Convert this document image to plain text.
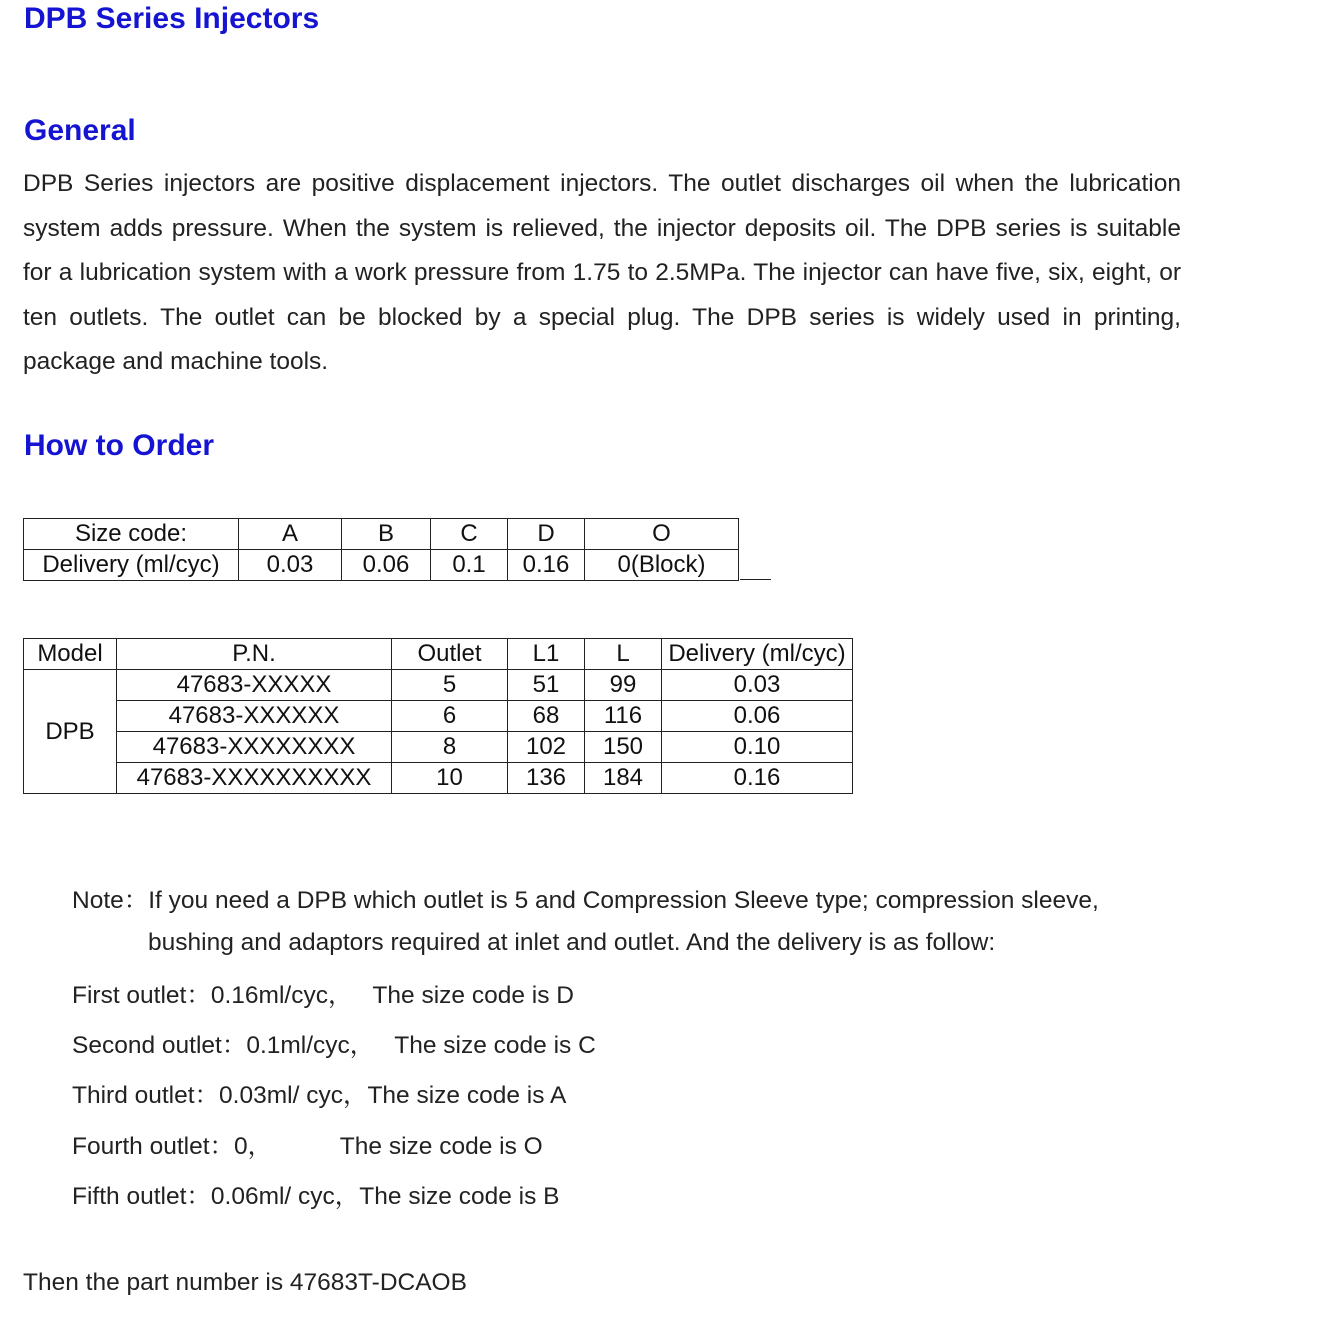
DPB Series Injectors
General

DPB Series injectors are positive displacement injectors. The outlet discharges oil when the lubrication system adds pressure. When the system is relieved, the injector deposits oil. The DPB series is suitable for a lubrication system with a work pressure from 1.75 to 2.5MPa. The injector can have five, six, eight, or ten outlets. The outlet can be blocked by a special plug. The DPB series is widely used in printing, package and machine tools.

How to Order
Size code:	A	B	C	D	O
Delivery (ml/cyc)	0.03	0.06	0.1	0.16	0(Block)
Model	P.N.	Outlet	L1	L	Delivery (ml/cyc)
DPB	47683-XXXXX	5	51	99	0.03
	47683-XXXXXX	6	68	116	0.06
	47683-XXXXXXXX	8	102	150	0.10
	47683-XXXXXXXXXX	10	136	184	0.16

Note：If you need a DPB which outlet is 5 and Compression Sleeve type; compression sleeve,

bushing and adaptors required at inlet and outlet. And the delivery is as follow:

First outlet：0.16ml/cyc，   The size code is D

Second outlet：0.1ml/cyc，   The size code is C

Third outlet：0.03ml/ cyc，The size code is A

Fourth outlet：0，          The size code is O

Fifth outlet：0.06ml/ cyc，The size code is B

Then the part number is 47683T-DCAOB
